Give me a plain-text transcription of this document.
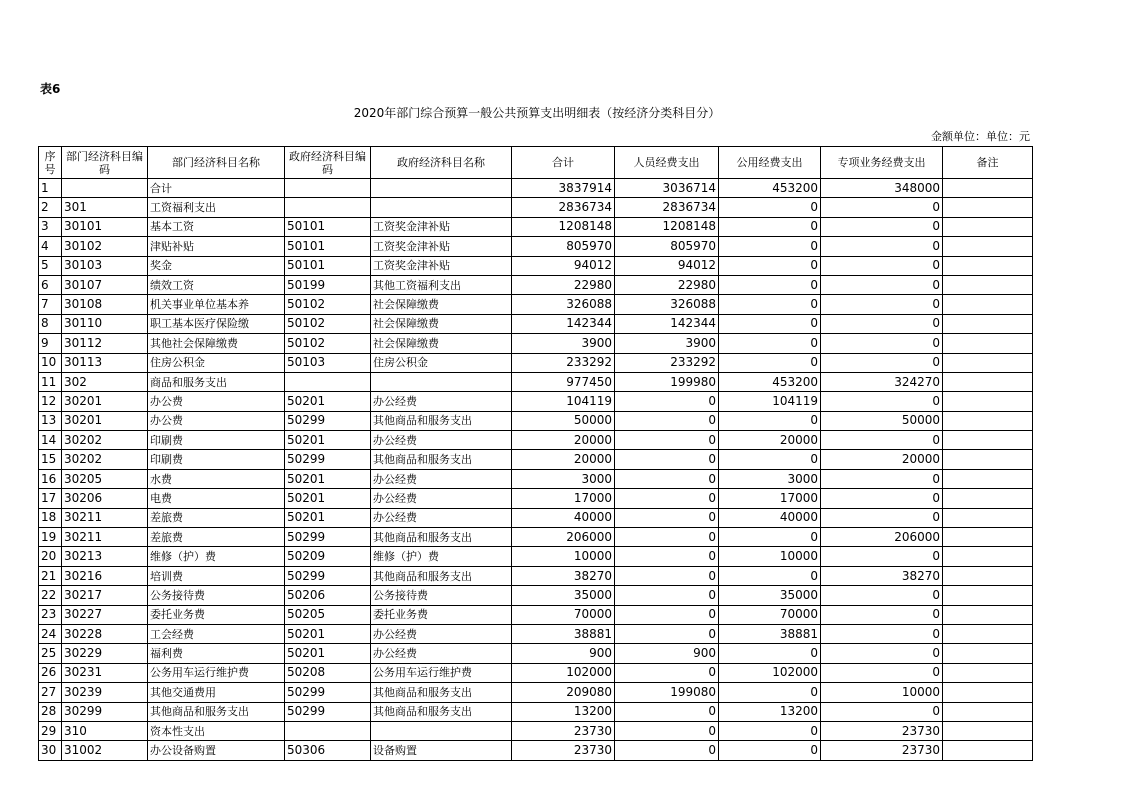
表6
2020年部门综合预算一般公共预算支出明细表（按经济分类科目分）
金额单位：单位：元
序号	部门经济科目编码	部门经济科目名称	政府经济科目编码	政府经济科目名称	合计	人员经费支出	公用经费支出	专项业务经费支出	备注
1		合计			3837914	3036714	453200	348000	
2	301	工资福利支出			2836734	2836734	0	0	
3	30101	基本工资	50101	工资奖金津补贴	1208148	1208148	0	0	
4	30102	津贴补贴	50101	工资奖金津补贴	805970	805970	0	0	
5	30103	奖金	50101	工资奖金津补贴	94012	94012	0	0	
6	30107	绩效工资	50199	其他工资福利支出	22980	22980	0	0	
7	30108	机关事业单位基本养	50102	社会保障缴费	326088	326088	0	0	
8	30110	职工基本医疗保险缴	50102	社会保障缴费	142344	142344	0	0	
9	30112	其他社会保障缴费	50102	社会保障缴费	3900	3900	0	0	
10	30113	住房公积金	50103	住房公积金	233292	233292	0	0	
11	302	商品和服务支出			977450	199980	453200	324270	
12	30201	办公费	50201	办公经费	104119	0	104119	0	
13	30201	办公费	50299	其他商品和服务支出	50000	0	0	50000	
14	30202	印刷费	50201	办公经费	20000	0	20000	0	
15	30202	印刷费	50299	其他商品和服务支出	20000	0	0	20000	
16	30205	水费	50201	办公经费	3000	0	3000	0	
17	30206	电费	50201	办公经费	17000	0	17000	0	
18	30211	差旅费	50201	办公经费	40000	0	40000	0	
19	30211	差旅费	50299	其他商品和服务支出	206000	0	0	206000	
20	30213	维修（护）费	50209	维修（护）费	10000	0	10000	0	
21	30216	培训费	50299	其他商品和服务支出	38270	0	0	38270	
22	30217	公务接待费	50206	公务接待费	35000	0	35000	0	
23	30227	委托业务费	50205	委托业务费	70000	0	70000	0	
24	30228	工会经费	50201	办公经费	38881	0	38881	0	
25	30229	福利费	50201	办公经费	900	900	0	0	
26	30231	公务用车运行维护费	50208	公务用车运行维护费	102000	0	102000	0	
27	30239	其他交通费用	50299	其他商品和服务支出	209080	199080	0	10000	
28	30299	其他商品和服务支出	50299	其他商品和服务支出	13200	0	13200	0	
29	310	资本性支出			23730	0	0	23730	
30	31002	办公设备购置	50306	设备购置	23730	0	0	23730	
